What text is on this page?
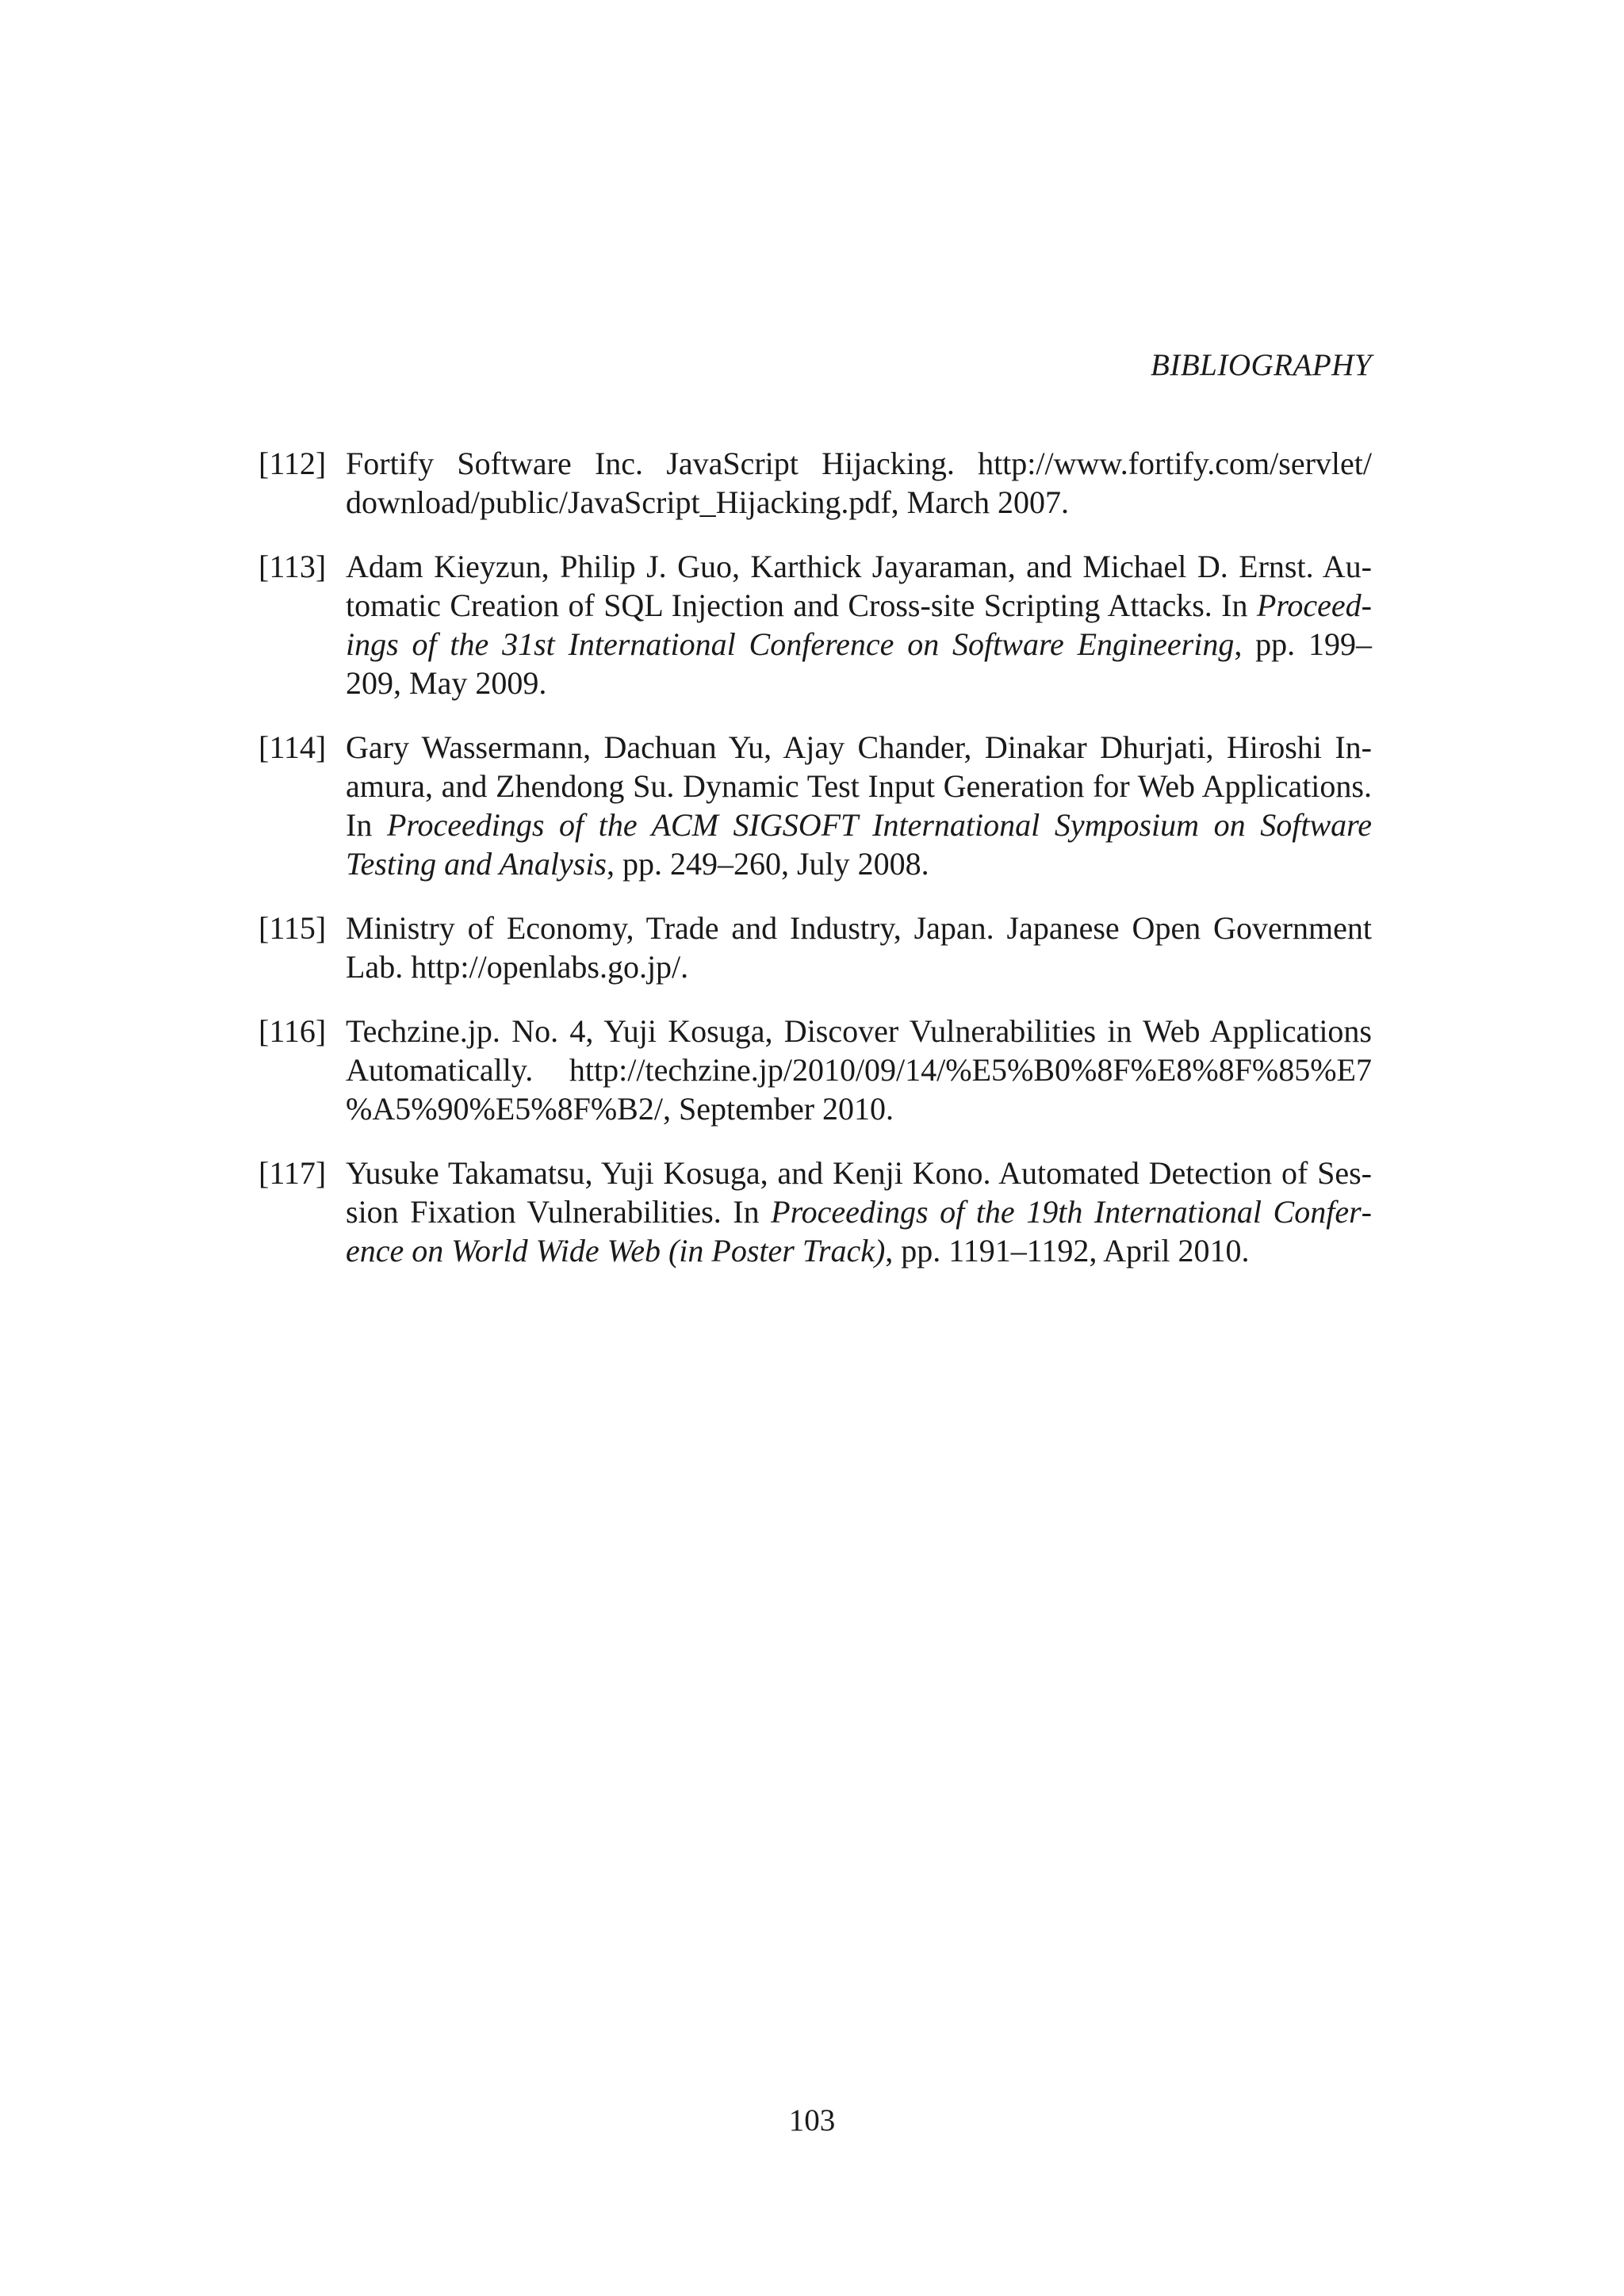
BIBLIOGRAPHY
[112] Fortify Software Inc. JavaScript Hijacking. http://www.fortify.com/servlet/ download/public/JavaScript_Hijacking.pdf, March 2007.
[113] Adam Kieyzun, Philip J. Guo, Karthick Jayaraman, and Michael D. Ernst. Automatic Creation of SQL Injection and Cross-site Scripting Attacks. In Proceedings of the 31st International Conference on Software Engineering, pp. 199–209, May 2009.
[114] Gary Wassermann, Dachuan Yu, Ajay Chander, Dinakar Dhurjati, Hiroshi Inamura, and Zhendong Su. Dynamic Test Input Generation for Web Applications. In Proceedings of the ACM SIGSOFT International Symposium on Software Testing and Analysis, pp. 249–260, July 2008.
[115] Ministry of Economy, Trade and Industry, Japan. Japanese Open Government Lab. http://openlabs.go.jp/.
[116] Techzine.jp. No. 4, Yuji Kosuga, Discover Vulnerabilities in Web Applications Automatically. http://techzine.jp/2010/09/14/%E5%B0%8F%E8%8F%85%E7 %A5%90%E5%8F%B2/, September 2010.
[117] Yusuke Takamatsu, Yuji Kosuga, and Kenji Kono. Automated Detection of Session Fixation Vulnerabilities. In Proceedings of the 19th International Conference on World Wide Web (in Poster Track), pp. 1191–1192, April 2010.
103
